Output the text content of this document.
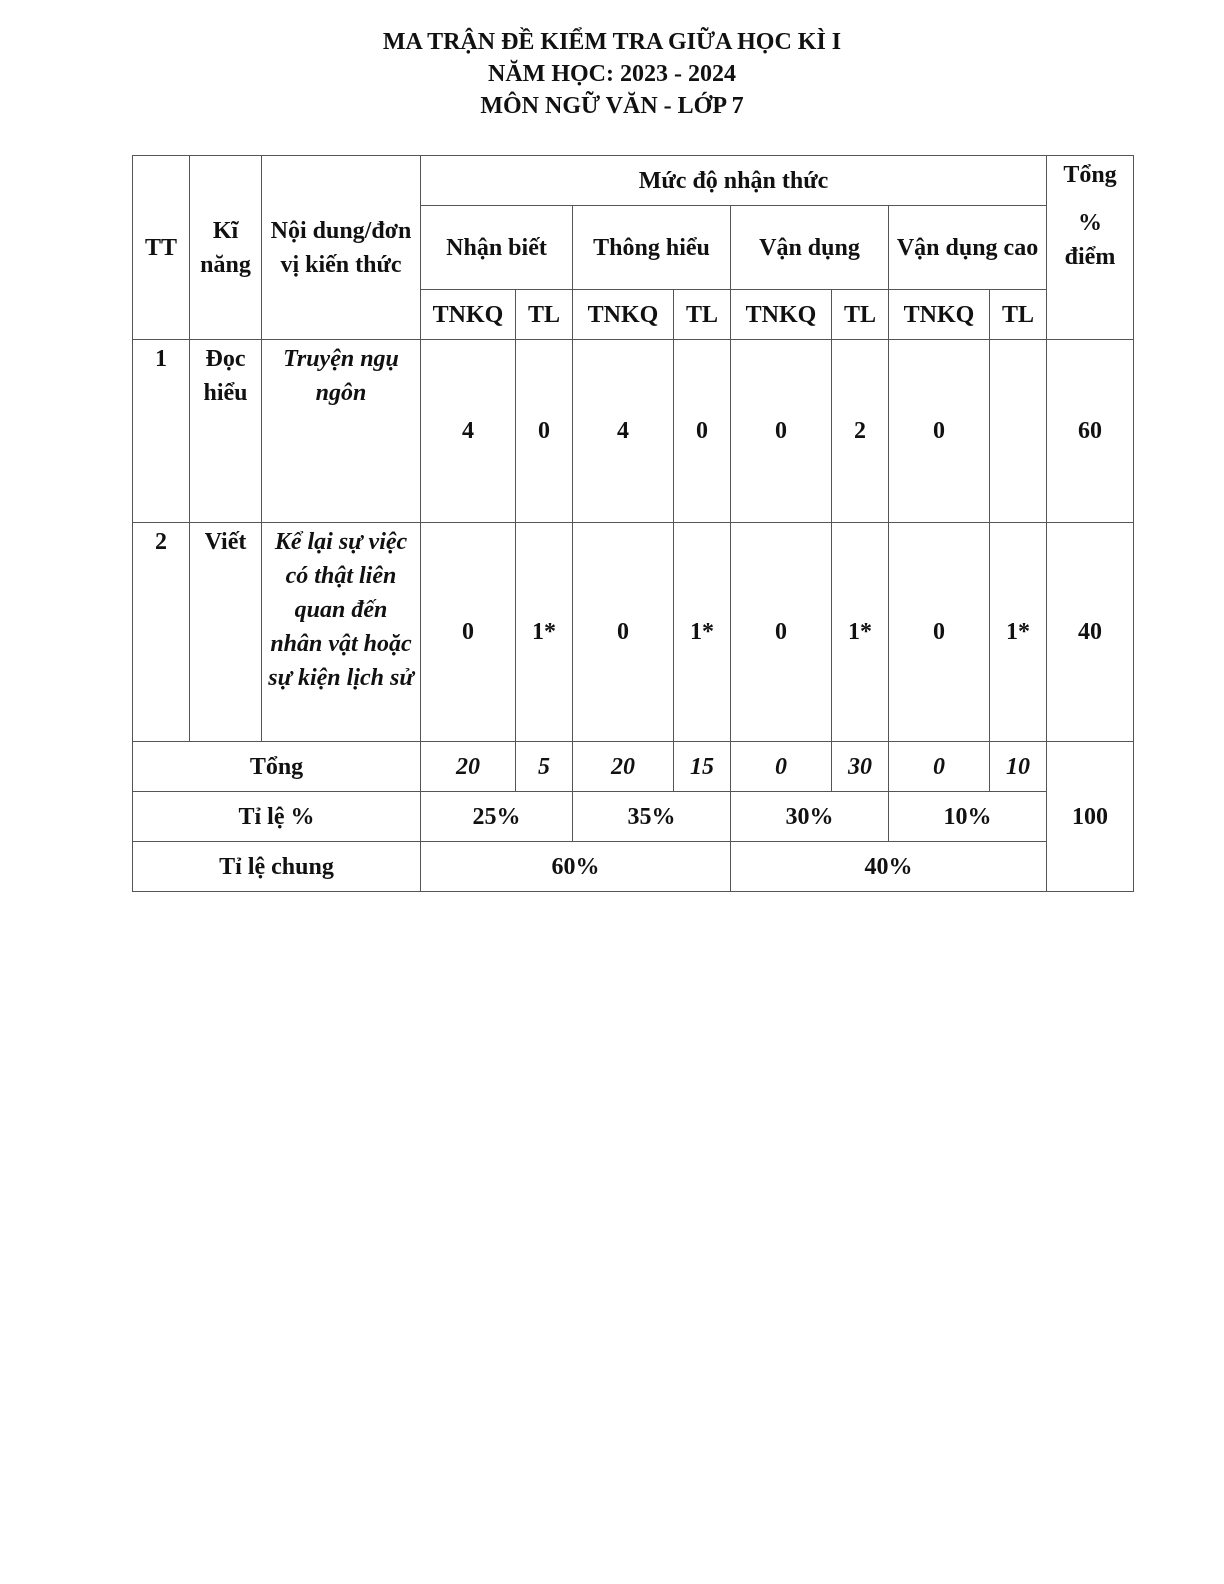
MA TRẬN ĐỀ KIỂM TRA GIỮA HỌC KÌ I
NĂM HỌC: 2023 - 2024
MÔN NGỮ VĂN - LỚP 7
TT	Kĩ năng	Nội dung/đơn vị kiến thức	Mức độ nhận thức								Tổng
%
điểm

			Nhận biết		Thông hiểu		Vận dụng		Vận dụng cao		
			TNKQ	TL	TNKQ	TL	TNKQ	TL	TNKQ	TL	
1	Đọc hiểu	Truyện ngụ ngôn	4	0	4	0	0	2	0		60
2	Viết	Kể lại sự việc có thật liên quan đến nhân vật hoặc sự kiện lịch sử	0	1*	0	1*	0	1*	0	1*	40
Tổng			20	5	20	15	0	30	0	10	100
Tỉ lệ %			25%		35%		30%		10%		
Tỉ lệ chung			60%				40%				
